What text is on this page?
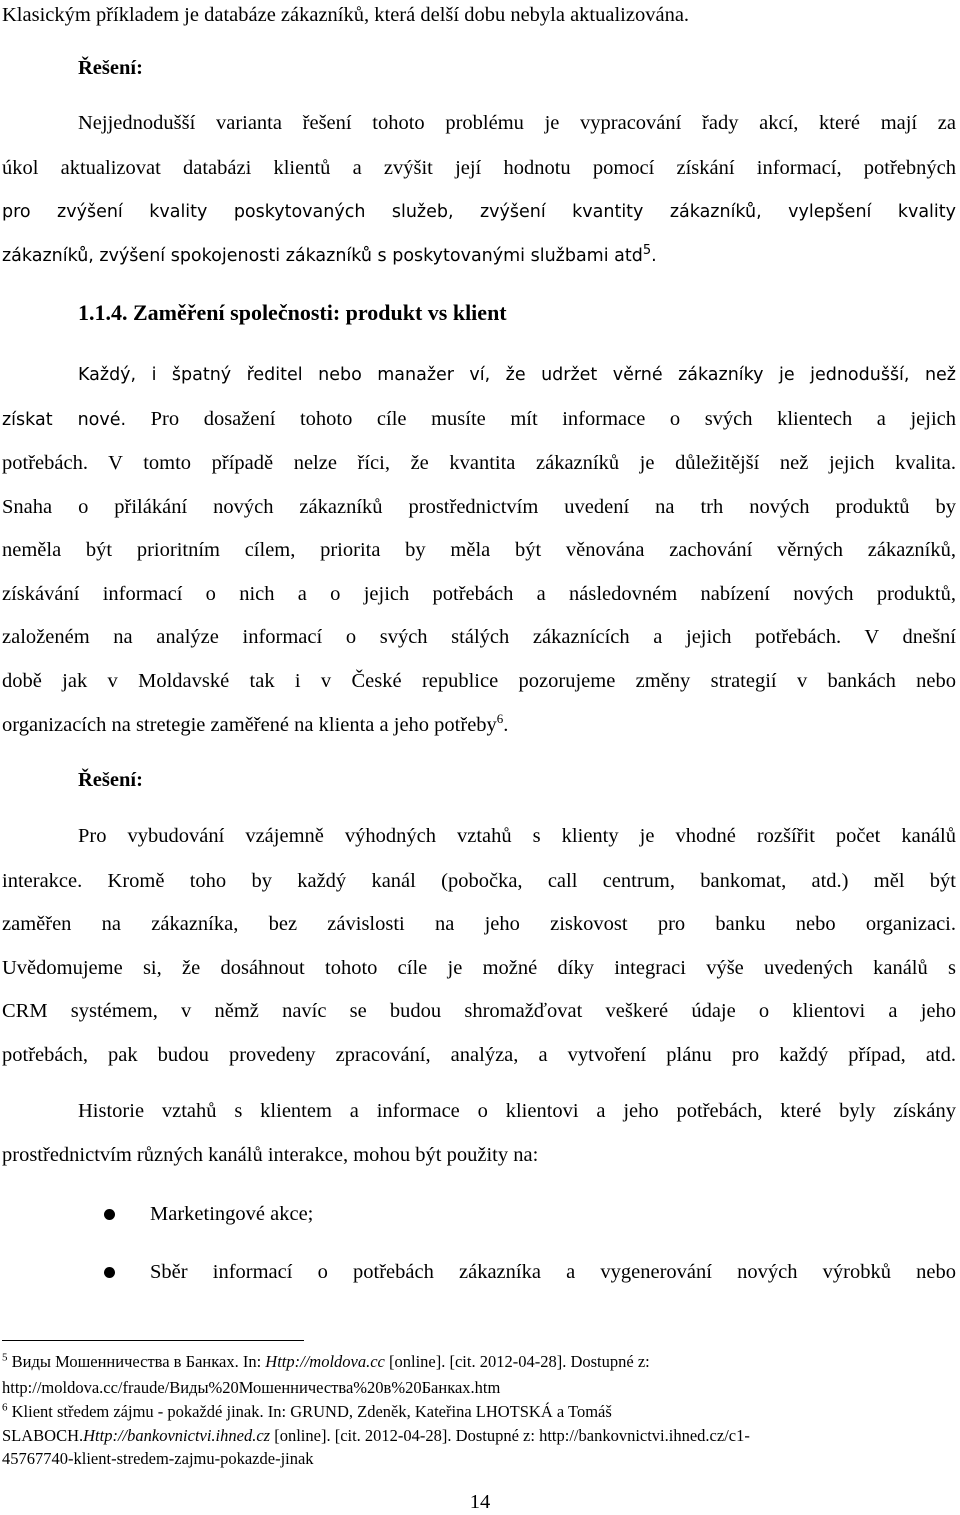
Klasickým příkladem je databáze zákazníků, která delší dobu nebyla aktualizována.
Řešení:
Nejjednodušší varianta řešení tohoto problému je vypracování řady akcí, které mají za
úkol aktualizovat databázi klientů a zvýšit její hodnotu pomocí získání informací, potřebných
pro zvýšení kvality poskytovaných služeb, zvýšení kvantity zákazníků, vylepšení kvality
zákazníků, zvýšení spokojenosti zákazníků s poskytovanými službami atd$^5$.
1.1.4. Zaměření společnosti: produkt vs klient
Každý, i špatný ředitel nebo manažer ví, že udržet věrné zákazníky je jednodušší, než
získat nové. Pro dosažení tohoto cíle musíte mít informace o svých klientech a jejich
potřebách. V tomto případě nelze říci, že kvantita zákazníků je důležitější než jejich kvalita.
Snaha o přilákání nových zákazníků prostřednictvím uvedení na trh nových produktů by
neměla být prioritním cílem, priorita by měla být věnována zachování věrných zákazníků,
získávání informací o nich a o jejich potřebách a následovném nabízení nových produktů,
založeném na analýze informací o svých stálých zákaznících a jejich potřebách. V dnešní
době jak v Moldavské tak i v České republice pozorujeme změny strategií v bankách nebo
organizacích na stretegie zaměřené na klienta a jeho potřeby$^6$.
Řešení:
Pro vybudování vzájemně výhodných vztahů s klienty je vhodné rozšířit počet kanálů
interakce. Kromě toho by každý kanál (pobočka, call centrum, bankomat, atd.) měl být
zaměřen na zákazníka, bez závislosti na jeho ziskovost pro banku nebo organizaci.
Uvědomujeme si, že dosáhnout tohoto cíle je možné díky integraci výše uvedených kanálů s
CRM systémem, v němž navíc se budou shromažďovat veškeré údaje o klientovi a jeho
potřebách, pak budou provedeny zpracování, analýza, a vytvoření plánu pro každý případ, atd.
Historie vztahů s klientem a informace o klientovi a jeho potřebách, které byly získány
prostřednictvím různých kanálů interakce, mohou být použity na:
Marketingové akce;
Sběr informací o potřebách zákazníka a vygenerování nových výrobků nebo
$^5$ Виды Мошенничества в Банках. In: Http://moldova.cc [online]. [cit. 2012-04-28]. Dostupné z:
http://moldova.cc/fraude/Виды%20Мошенничества%20в%20Банках.htm
$^6$ Klient středem zájmu - pokaždé jinak. In: GRUND, Zdeněk, Kateřina LHOTSKÁ a Tomáš
SLABOCH.Http://bankovnictvi.ihned.cz [online]. [cit. 2012-04-28]. Dostupné z: http://bankovnictvi.ihned.cz/c1-
45767740-klient-stredem-zajmu-pokazde-jinak
14
